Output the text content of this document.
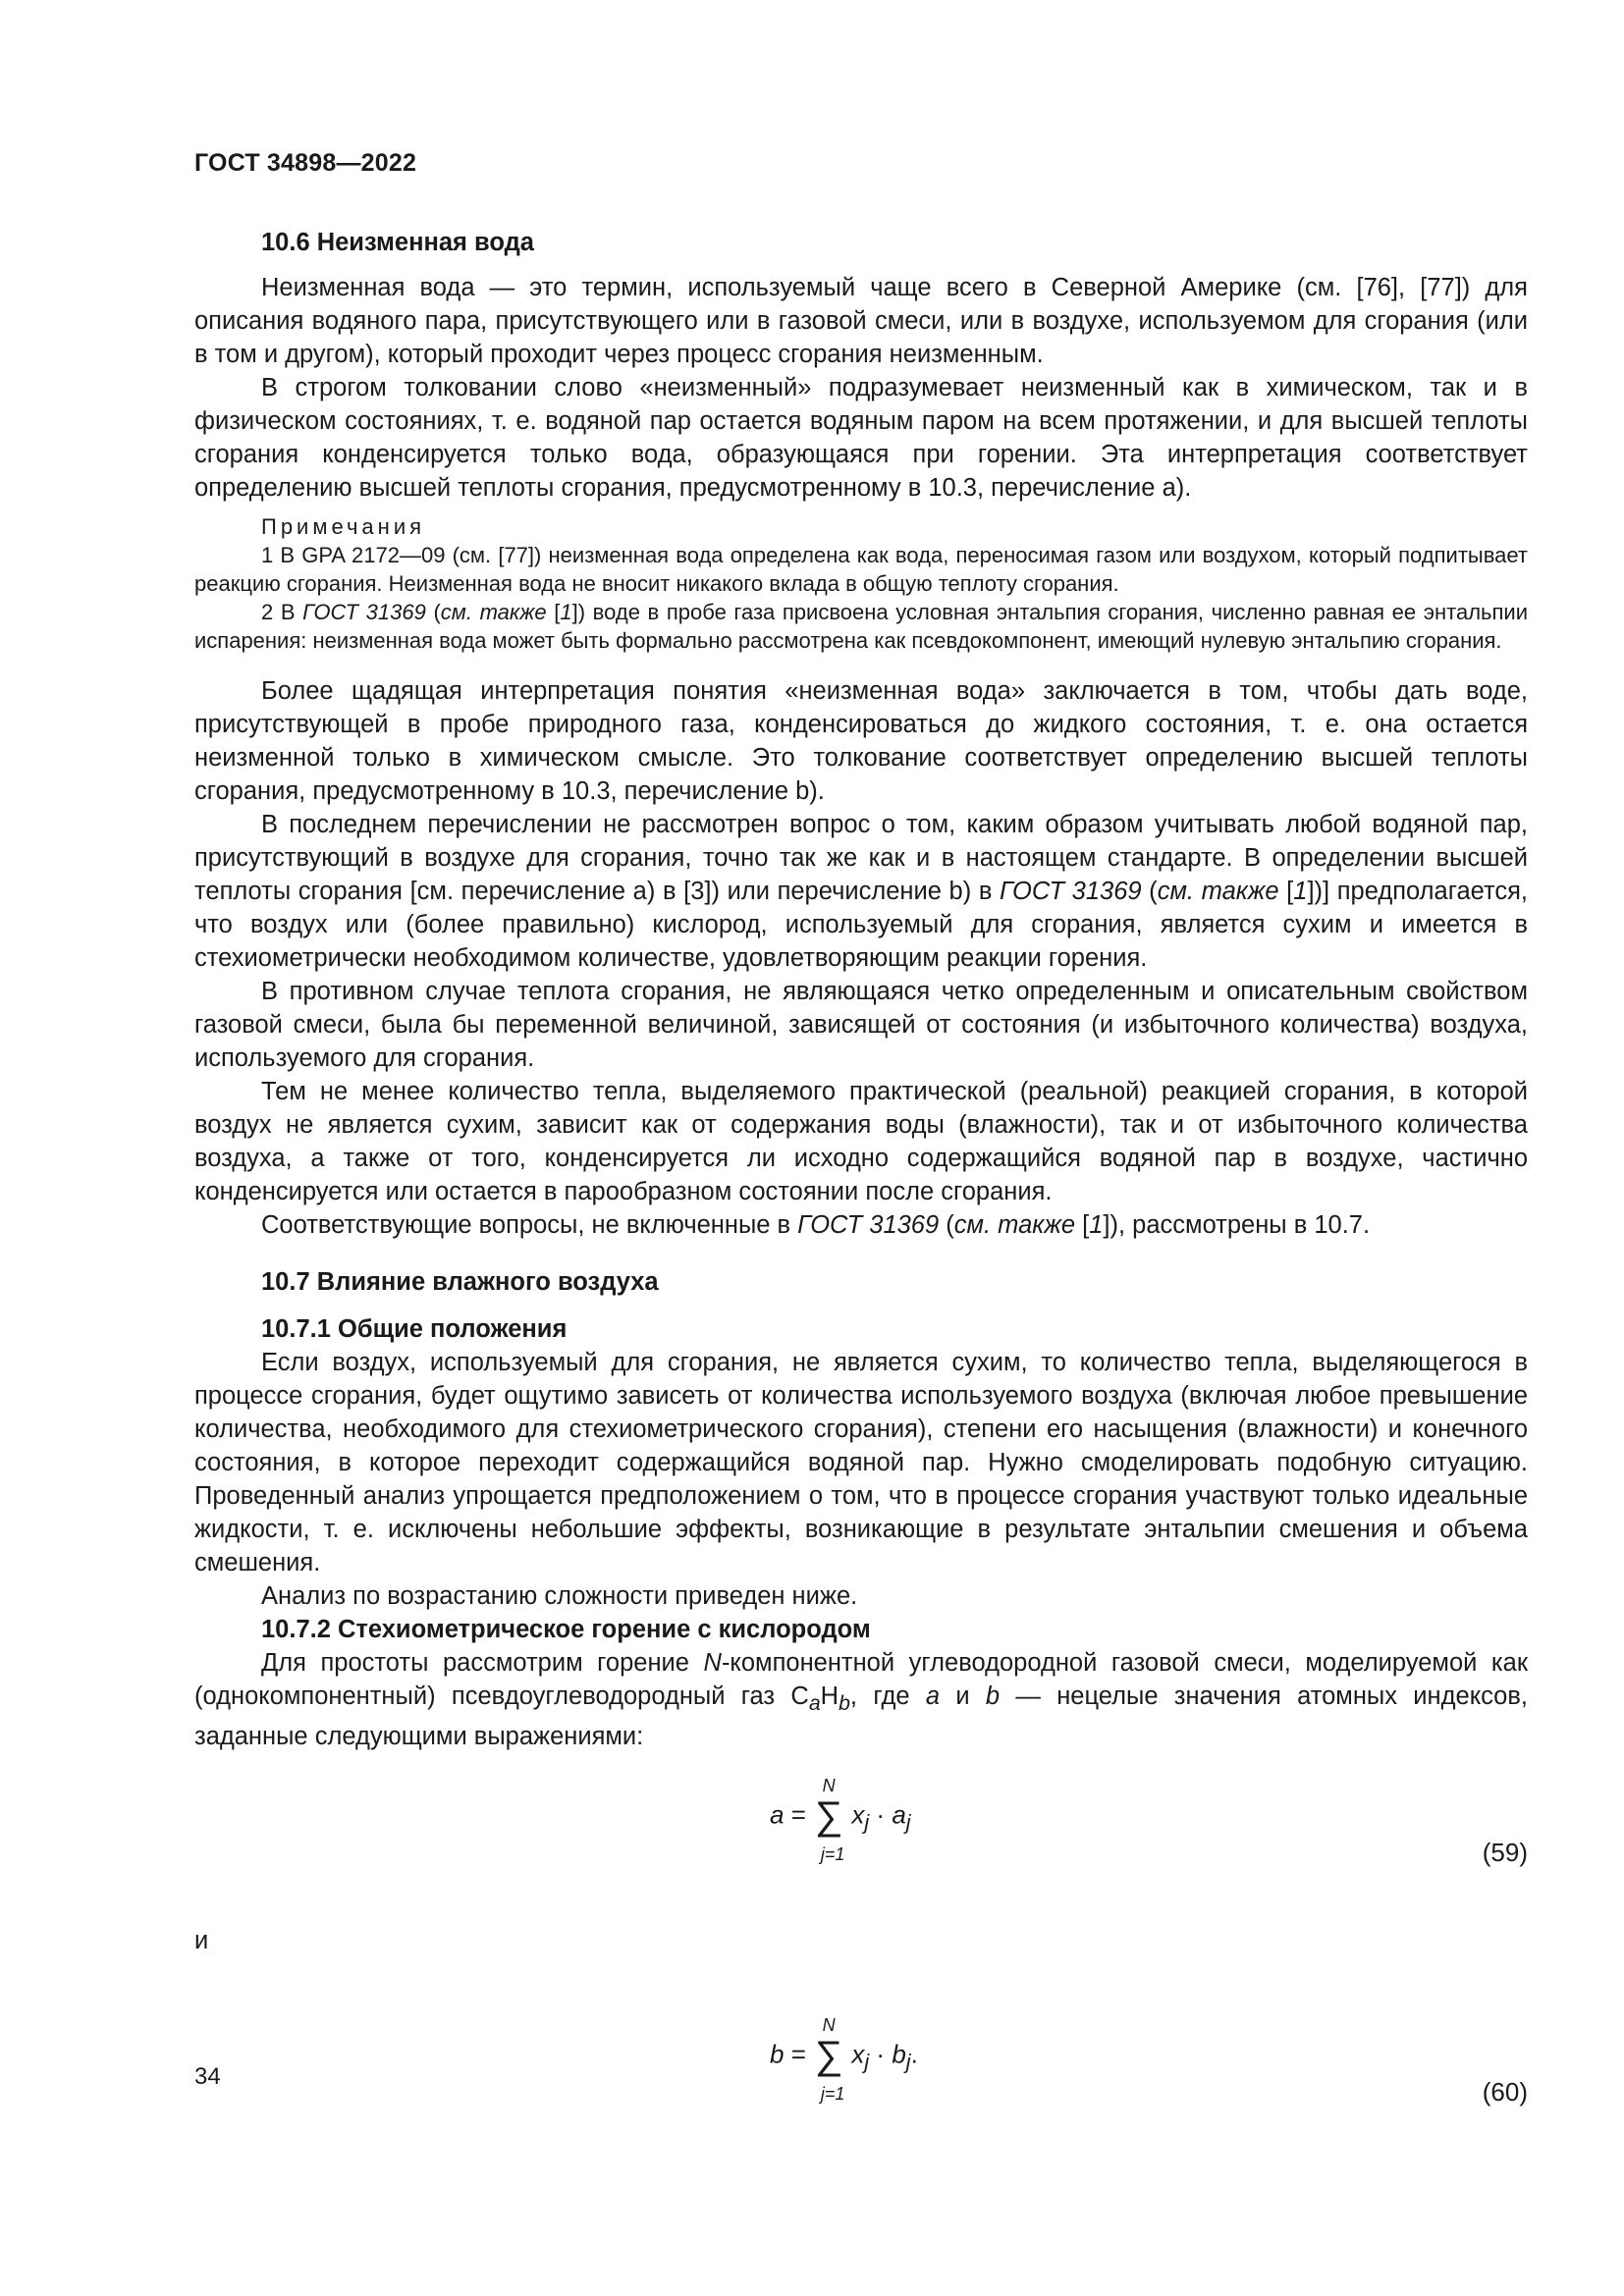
ГОСТ 34898—2022
10.6 Неизменная вода

Неизменная вода — это термин, используемый чаще всего в Северной Америке (см. [76], [77]) для описания водяного пара, присутствующего или в газовой смеси, или в воздухе, используемом для сгорания (или в том и другом), который проходит через процесс сгорания неизменным.

В строгом толковании слово «неизменный» подразумевает неизменный как в химическом, так и в физическом состояниях, т. е. водяной пар остается водяным паром на всем протяжении, и для высшей теплоты сгорания конденсируется только вода, образующаяся при горении. Эта интерпретация соответствует определению высшей теплоты сгорания, предусмотренному в 10.3, перечисление а).

Примечания

1 В GPA 2172—09 (см. [77]) неизменная вода определена как вода, переносимая газом или воздухом, который подпитывает реакцию сгорания. Неизменная вода не вносит никакого вклада в общую теплоту сгорания.

2 В ГОСТ 31369 (см. также [1]) воде в пробе газа присвоена условная энтальпия сгорания, численно равная ее энтальпии испарения: неизменная вода может быть формально рассмотрена как псевдокомпонент, имеющий нулевую энтальпию сгорания.

Более щадящая интерпретация понятия «неизменная вода» заключается в том, чтобы дать воде, присутствующей в пробе природного газа, конденсироваться до жидкого состояния, т. е. она остается неизменной только в химическом смысле. Это толкование соответствует определению высшей теплоты сгорания, предусмотренному в 10.3, перечисление b).

В последнем перечислении не рассмотрен вопрос о том, каким образом учитывать любой водяной пар, присутствующий в воздухе для сгорания, точно так же как и в настоящем стандарте. В определении высшей теплоты сгорания [см. перечисление а) в [3]) или перечисление b) в ГОСТ 31369 (см. также [1])] предполагается, что воздух или (более правильно) кислород, используемый для сгорания, является сухим и имеется в стехиометрически необходимом количестве, удовлетворяющим реакции горения.

В противном случае теплота сгорания, не являющаяся четко определенным и описательным свойством газовой смеси, была бы переменной величиной, зависящей от состояния (и избыточного количества) воздуха, используемого для сгорания.

Тем не менее количество тепла, выделяемого практической (реальной) реакцией сгорания, в которой воздух не является сухим, зависит как от содержания воды (влажности), так и от избыточного количества воздуха, а также от того, конденсируется ли исходно содержащийся водяной пар в воздухе, частично конденсируется или остается в парообразном состоянии после сгорания.

Соответствующие вопросы, не включенные в ГОСТ 31369 (см. также [1]), рассмотрены в 10.7.

10.7 Влияние влажного воздуха
10.7.1 Общие положения

Если воздух, используемый для сгорания, не является сухим, то количество тепла, выделяющегося в процессе сгорания, будет ощутимо зависеть от количества используемого воздуха (включая любое превышение количества, необходимого для стехиометрического сгорания), степени его насыщения (влажности) и конечного состояния, в которое переходит содержащийся водяной пар. Нужно смоделировать подобную ситуацию. Проведенный анализ упрощается предположением о том, что в процессе сгорания участвуют только идеальные жидкости, т. е. исключены небольшие эффекты, возникающие в результате энтальпии смешения и объема смешения.

Анализ по возрастанию сложности приведен ниже.

10.7.2 Стехиометрическое горение с кислородом

Для простоты рассмотрим горение N-компонентной углеводородной газовой смеси, моделируемой как (однокомпонентный) псевдоуглеводородный газ $C_aH_b$, где a и b — нецелые значения атомных индексов, заданные следующими выражениями:

a =
N
∑
j=1
$x_j \cdot a_j$
(59)
и
b =
N
∑
j=1
$x_j \cdot b_j$.
(60)
34
